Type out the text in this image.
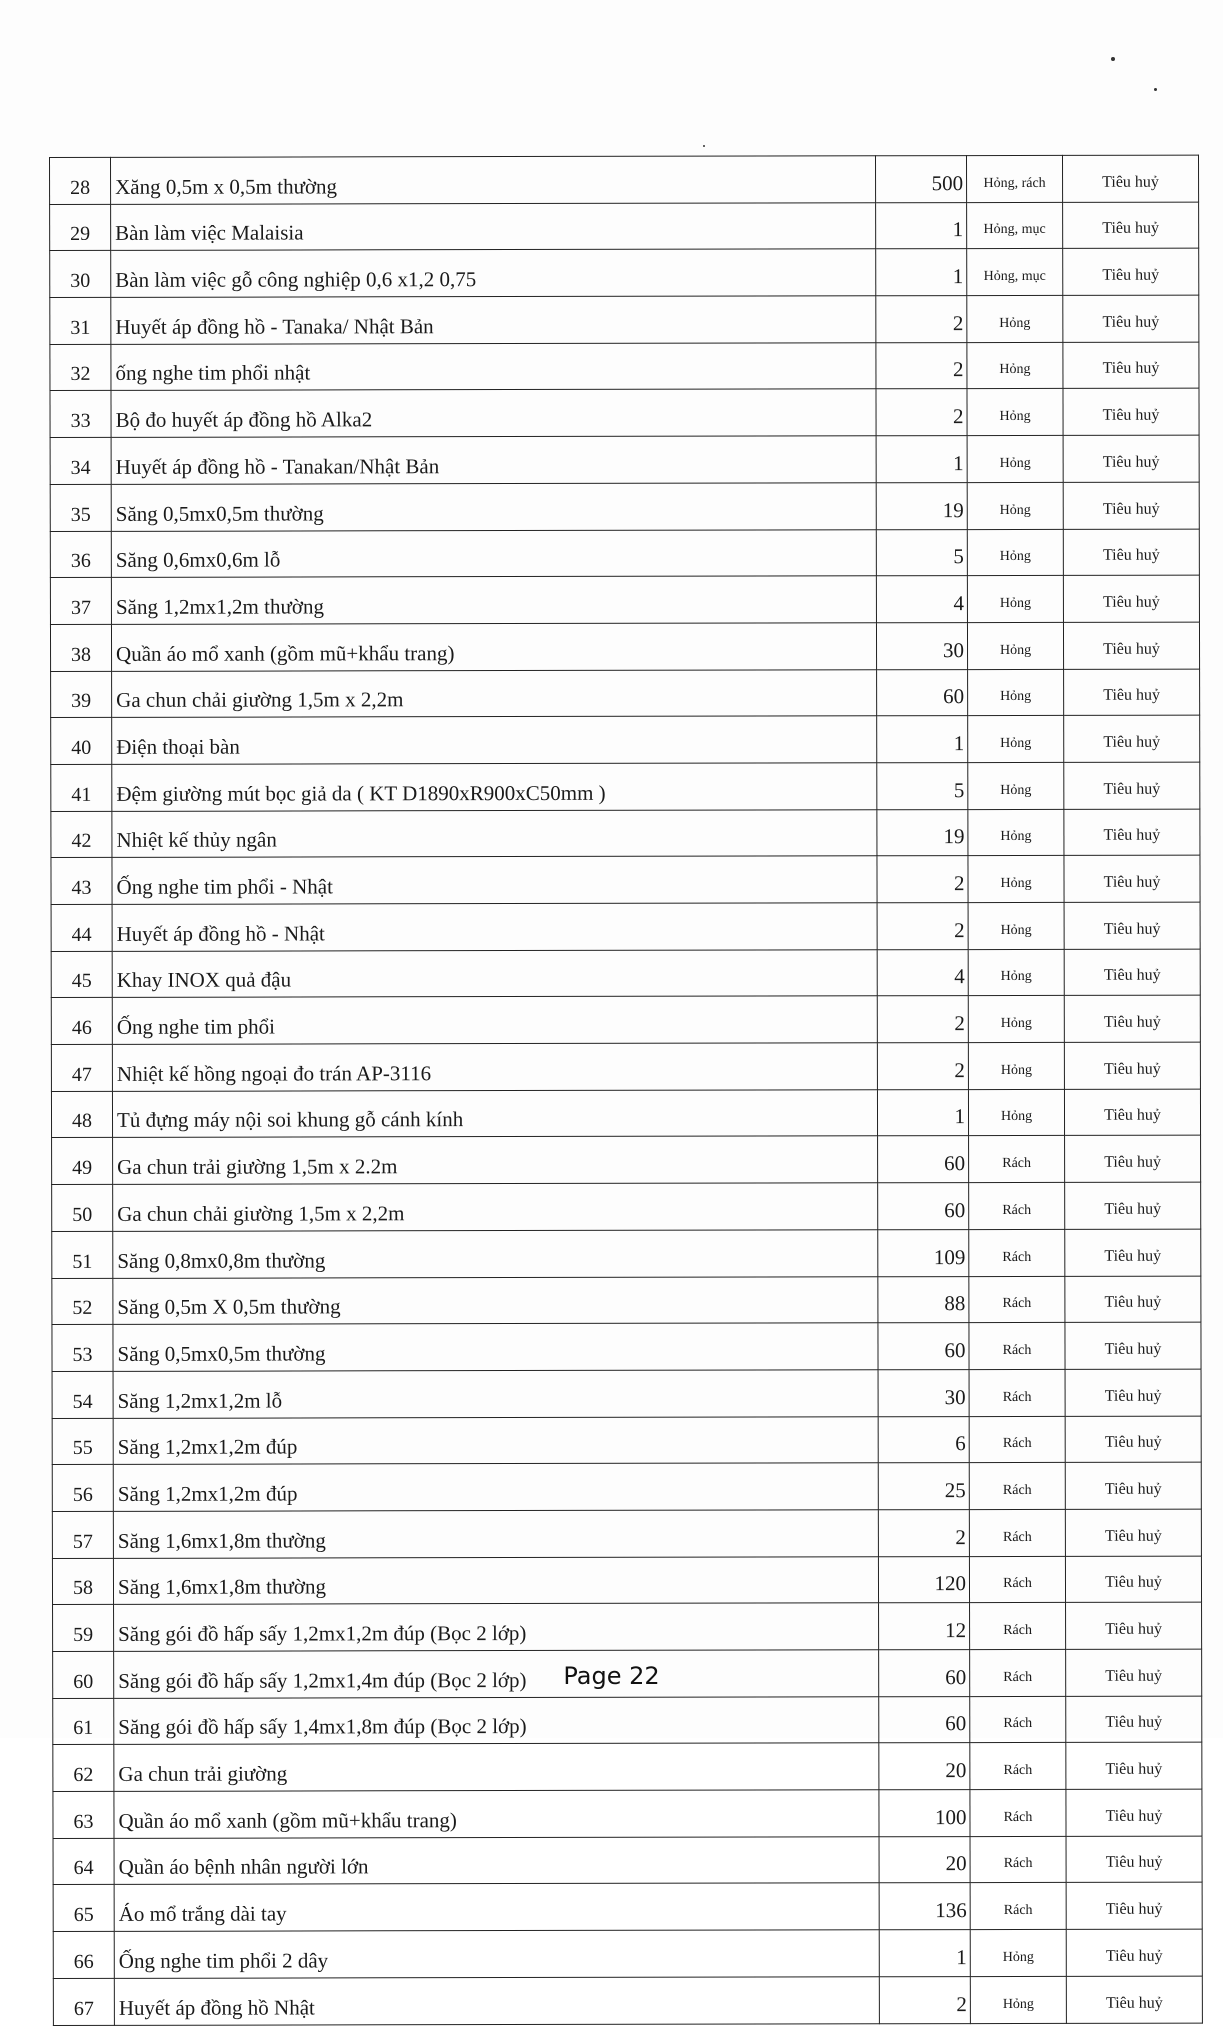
28	Xăng 0,5m x 0,5m thường	500	Hỏng, rách	Tiêu huỷ
29	Bàn làm việc Malaisia	1	Hỏng, mục	Tiêu huỷ
30	Bàn làm việc gỗ công nghiệp 0,6 x1,2 0,75	1	Hỏng, mục	Tiêu huỷ
31	Huyết áp đồng hồ - Tanaka/ Nhật Bản	2	Hỏng	Tiêu huỷ
32	ống nghe tim phổi nhật	2	Hỏng	Tiêu huỷ
33	Bộ đo huyết áp đồng hồ Alka2	2	Hỏng	Tiêu huỷ
34	Huyết áp đồng hồ - Tanakan/Nhật Bản	1	Hỏng	Tiêu huỷ
35	Săng 0,5mx0,5m thường	19	Hỏng	Tiêu huỷ
36	Săng 0,6mx0,6m lỗ	5	Hỏng	Tiêu huỷ
37	Săng 1,2mx1,2m thường	4	Hỏng	Tiêu huỷ
38	Quần áo mổ xanh (gồm mũ+khẩu trang)	30	Hỏng	Tiêu huỷ
39	Ga chun chải giường 1,5m x 2,2m	60	Hỏng	Tiêu huỷ
40	Điện thoại bàn	1	Hỏng	Tiêu huỷ
41	Đệm giường mút bọc giả da ( KT D1890xR900xC50mm )	5	Hỏng	Tiêu huỷ
42	Nhiệt kế thủy ngân	19	Hỏng	Tiêu huỷ
43	Ống nghe tim phổi - Nhật	2	Hỏng	Tiêu huỷ
44	Huyết áp đồng hồ - Nhật	2	Hỏng	Tiêu huỷ
45	Khay INOX quả đậu	4	Hỏng	Tiêu huỷ
46	Ống nghe tim phổi	2	Hỏng	Tiêu huỷ
47	Nhiệt kế hồng ngoại đo trán AP-3116	2	Hỏng	Tiêu huỷ
48	Tủ đựng máy nội soi khung gỗ cánh kính	1	Hỏng	Tiêu huỷ
49	Ga chun trải giường 1,5m x 2.2m	60	Rách	Tiêu huỷ
50	Ga chun chải giường 1,5m x 2,2m	60	Rách	Tiêu huỷ
51	Săng 0,8mx0,8m thường	109	Rách	Tiêu huỷ
52	Săng 0,5m X 0,5m thường	88	Rách	Tiêu huỷ
53	Săng 0,5mx0,5m thường	60	Rách	Tiêu huỷ
54	Săng 1,2mx1,2m lỗ	30	Rách	Tiêu huỷ
55	Săng 1,2mx1,2m đúp	6	Rách	Tiêu huỷ
56	Săng 1,2mx1,2m đúp	25	Rách	Tiêu huỷ
57	Săng 1,6mx1,8m thường	2	Rách	Tiêu huỷ
58	Săng 1,6mx1,8m thường	120	Rách	Tiêu huỷ
59	Săng gói đồ hấp sấy 1,2mx1,2m đúp (Bọc 2 lớp)	12	Rách	Tiêu huỷ
60	Săng gói đồ hấp sấy 1,2mx1,4m đúp (Bọc 2 lớp)	60	Rách	Tiêu huỷ
61	Săng gói đồ hấp sấy 1,4mx1,8m đúp (Bọc 2 lớp)	60	Rách	Tiêu huỷ
62	Ga chun trải giường	20	Rách	Tiêu huỷ
63	Quần áo mổ xanh (gồm mũ+khẩu trang)	100	Rách	Tiêu huỷ
64	Quần áo bệnh nhân người lớn	20	Rách	Tiêu huỷ
65	Áo mổ trắng dài tay	136	Rách	Tiêu huỷ
66	Ống nghe tim phổi 2 dây	1	Hỏng	Tiêu huỷ
67	Huyết áp đồng hồ Nhật	2	Hỏng	Tiêu huỷ
Page 22
